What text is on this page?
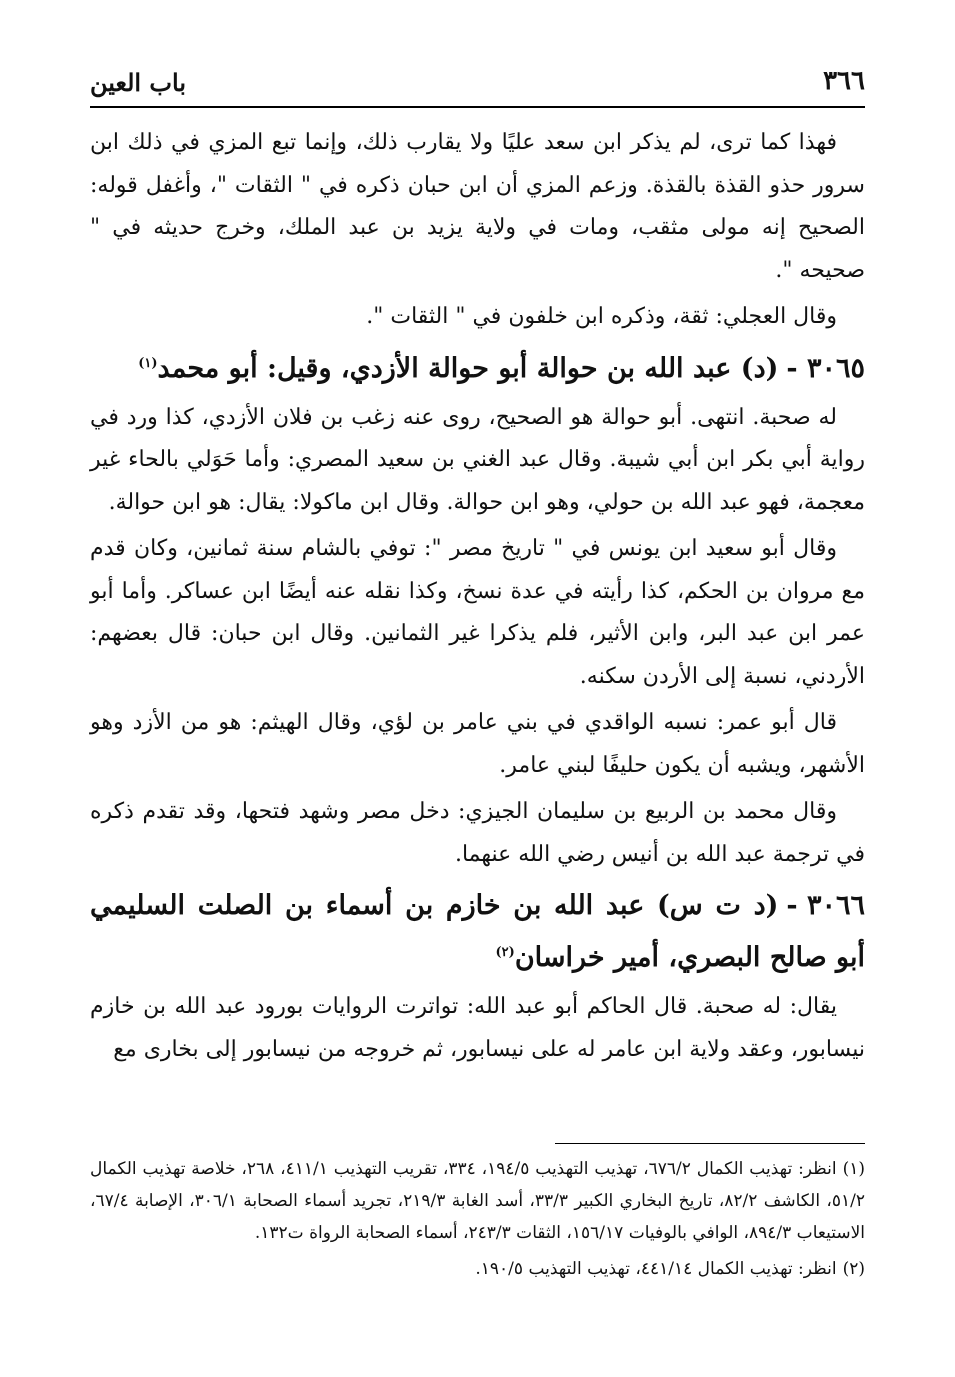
٣٦٦
باب العين

فهذا كما ترى، لم يذكر ابن سعد عليًا ولا يقارب ذلك، وإنما تبع المزي في ذلك ابن سرور حذو القذة بالقذة. وزعم المزي أن ابن حبان ذكره في " الثقات "، وأغفل قوله: الصحيح إنه مولى مثقب، ومات في ولاية يزيد بن عبد الملك، وخرج حديثه في " صحيحه ".

وقال العجلي: ثقة، وذكره ابن خلفون في " الثقات ".

٣٠٦٥ -(د) عبد الله بن حوالة أبو حوالة الأزدي، وقيل: أبو محمد$^{(١)}$

له صحبة. انتهى. أبو حوالة هو الصحيح، روى عنه زغب بن فلان الأزدي، كذا ورد في رواية أبي بكر ابن أبي شيبة. وقال عبد الغني بن سعيد المصري: وأما حَوَلي بالحاء غير معجمة، فهو عبد الله بن حولي، وهو ابن حوالة. وقال ابن ماكولا: يقال: هو ابن حوالة.

وقال أبو سعيد ابن يونس في " تاريخ مصر ": توفي بالشام سنة ثمانين، وكان قدم مع مروان بن الحكم، كذا رأيته في عدة نسخ، وكذا نقله عنه أيضًا ابن عساكر. وأما أبو عمر ابن عبد البر، وابن الأثير، فلم يذكرا غير الثمانين. وقال ابن حبان: قال بعضهم: الأردني، نسبة إلى الأردن سكنه.

قال أبو عمر: نسبه الواقدي في بني عامر بن لؤي، وقال الهيثم: هو من الأزد وهو الأشهر، ويشبه أن يكون حليفًا لبني عامر.

وقال محمد بن الربيع بن سليمان الجيزي: دخل مصر وشهد فتحها، وقد تقدم ذكره في ترجمة عبد الله بن أنيس رضي الله عنهما.

٣٠٦٦ -(د ت س) عبد الله بن خازم بن أسماء بن الصلت السليمي أبو صالح البصري، أمير خراسان$^{(٢)}$

يقال: له صحبة. قال الحاكم أبو عبد الله: تواترت الروايات بورود عبد الله بن خازم نيسابور، وعقد ولاية ابن عامر له على نيسابور، ثم خروجه من نيسابور إلى بخارى مع

(١)انظر: تهذيب الكمال ٦٧٦/٢، تهذيب التهذيب ١٩٤/٥، ٣٣٤، تقريب التهذيب ٤١١/١، ٢٦٨، خلاصة تهذيب الكمال ٥١/٢، الكاشف ٨٢/٢، تاريخ البخاري الكبير ٣٣/٣، أسد الغابة ٢١٩/٣، تجريد أسماء الصحابة ٣٠٦/١، الإصابة ٦٧/٤، الاستيعاب ٨٩٤/٣، الوافي بالوفيات ١٥٦/١٧، الثقات ٢٤٣/٣، أسماء الصحابة الرواة ت١٣٢.

(٢)انظر: تهذيب الكمال ٤٤١/١٤، تهذيب التهذيب ١٩٠/٥.
